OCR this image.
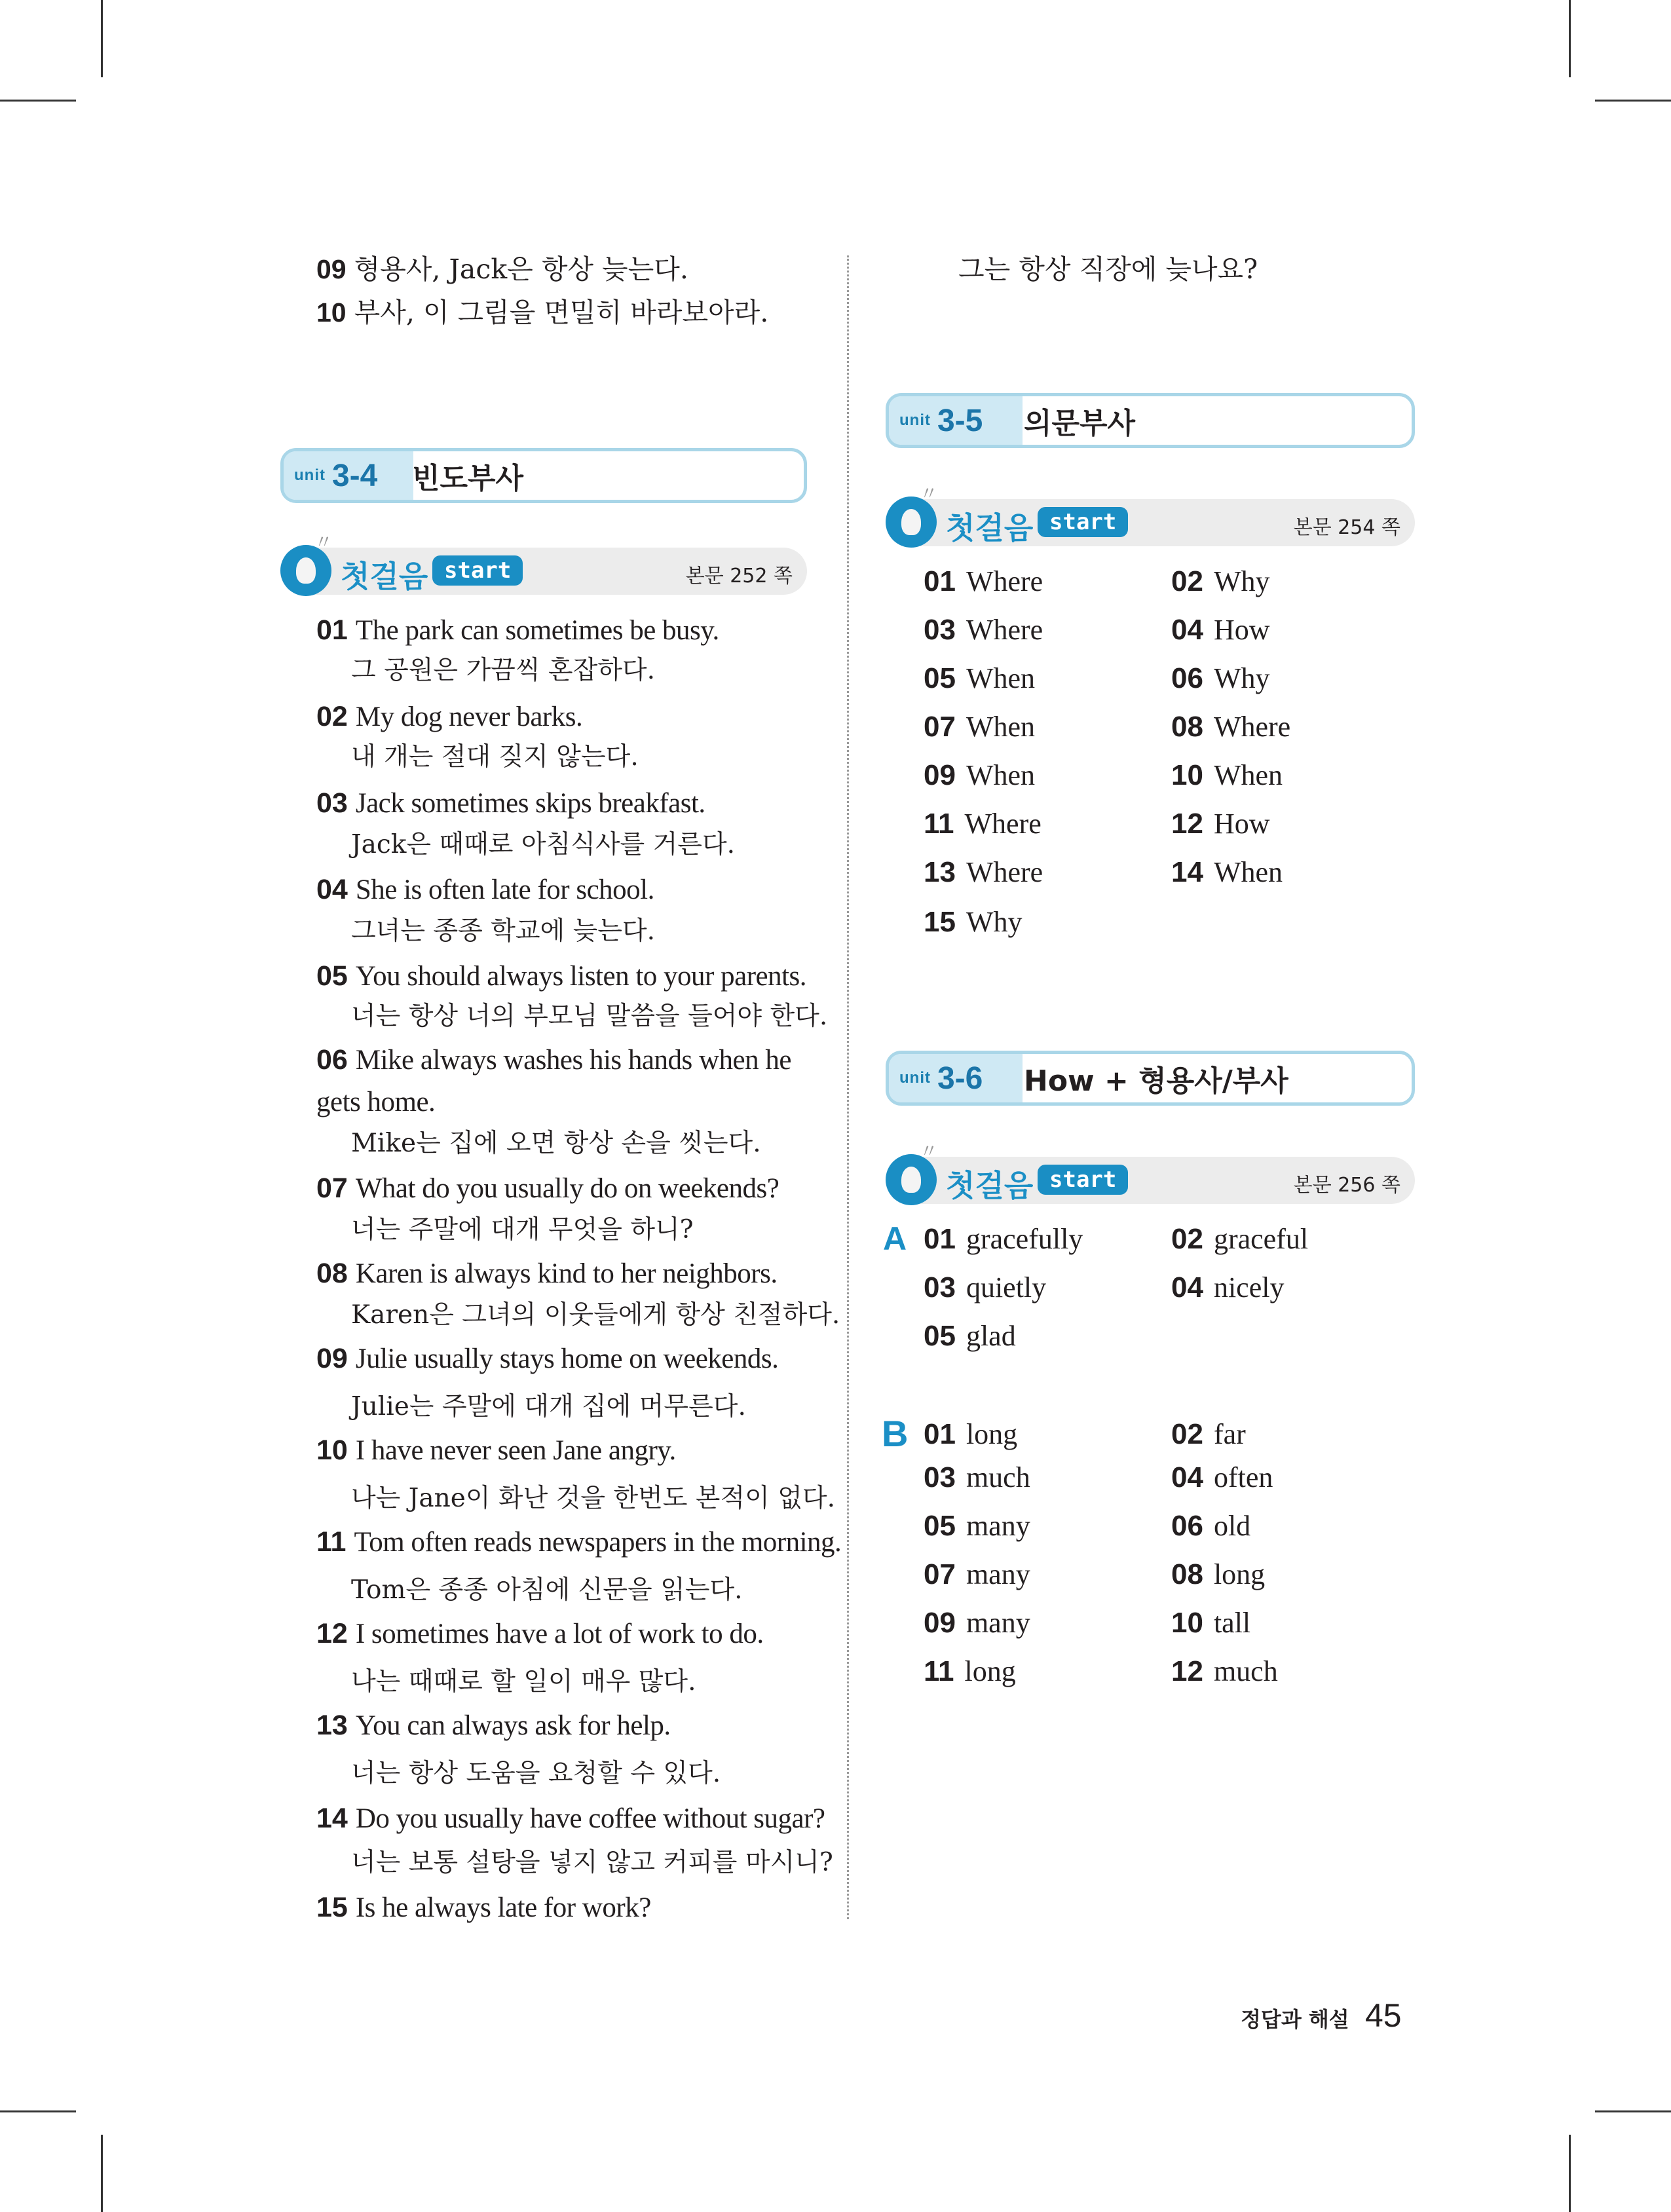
09 형용사, Jack은 항상 늦는다.
10 부사, 이 그림을 면밀히 바라보아라.
그는 항상 직장에 늦나요?
unit 3-4 빈도부사
〃
첫걸음 start	본문 252 쪽
01 The park can sometimes be busy.
그 공원은 가끔씩 혼잡하다.
02 My dog never barks.
내 개는 절대 짖지 않는다.
03 Jack sometimes skips breakfast.
Jack은 때때로 아침식사를 거른다.
04 She is often late for school.
그녀는 종종 학교에 늦는다.
05 You should always listen to your parents.
너는 항상 너의 부모님 말씀을 들어야 한다.
06 Mike always washes his hands when he
gets home.
Mike는 집에 오면 항상 손을 씻는다.
07 What do you usually do on weekends?
너는 주말에 대개 무엇을 하니?
08 Karen is always kind to her neighbors.
Karen은 그녀의 이웃들에게 항상 친절하다.
09 Julie usually stays home on weekends.
Julie는 주말에 대개 집에 머무른다.
10 I have never seen Jane angry.
나는 Jane이 화난 것을 한번도 본적이 없다.
11 Tom often reads newspapers in the morning.
Tom은 종종 아침에 신문을 읽는다.
12 I sometimes have a lot of work to do.
나는 때때로 할 일이 매우 많다.
13 You can always ask for help.
너는 항상 도움을 요청할 수 있다.
14 Do you usually have coffee without sugar?
너는 보통 설탕을 넣지 않고 커피를 마시니?
15 Is he always late for work?
unit 3-5 의문부사
〃
첫걸음 start	본문 254 쪽
01 Where	02 Why
03 Where	04 How
05 When	06 Why
07 When	08 Where
09 When	10 When
11 Where	12 How
13 Where	14 When
15 Why
unit 3-6 How + 형용사/부사
〃
첫걸음 start	본문 256 쪽
A 01 gracefully	02 graceful
03 quietly	04 nicely
05 glad
B 01 long	02 far
03 much	04 often
05 many	06 old
07 many	08 long
09 many	10 tall
11 long	12 much
정답과 해설 45
